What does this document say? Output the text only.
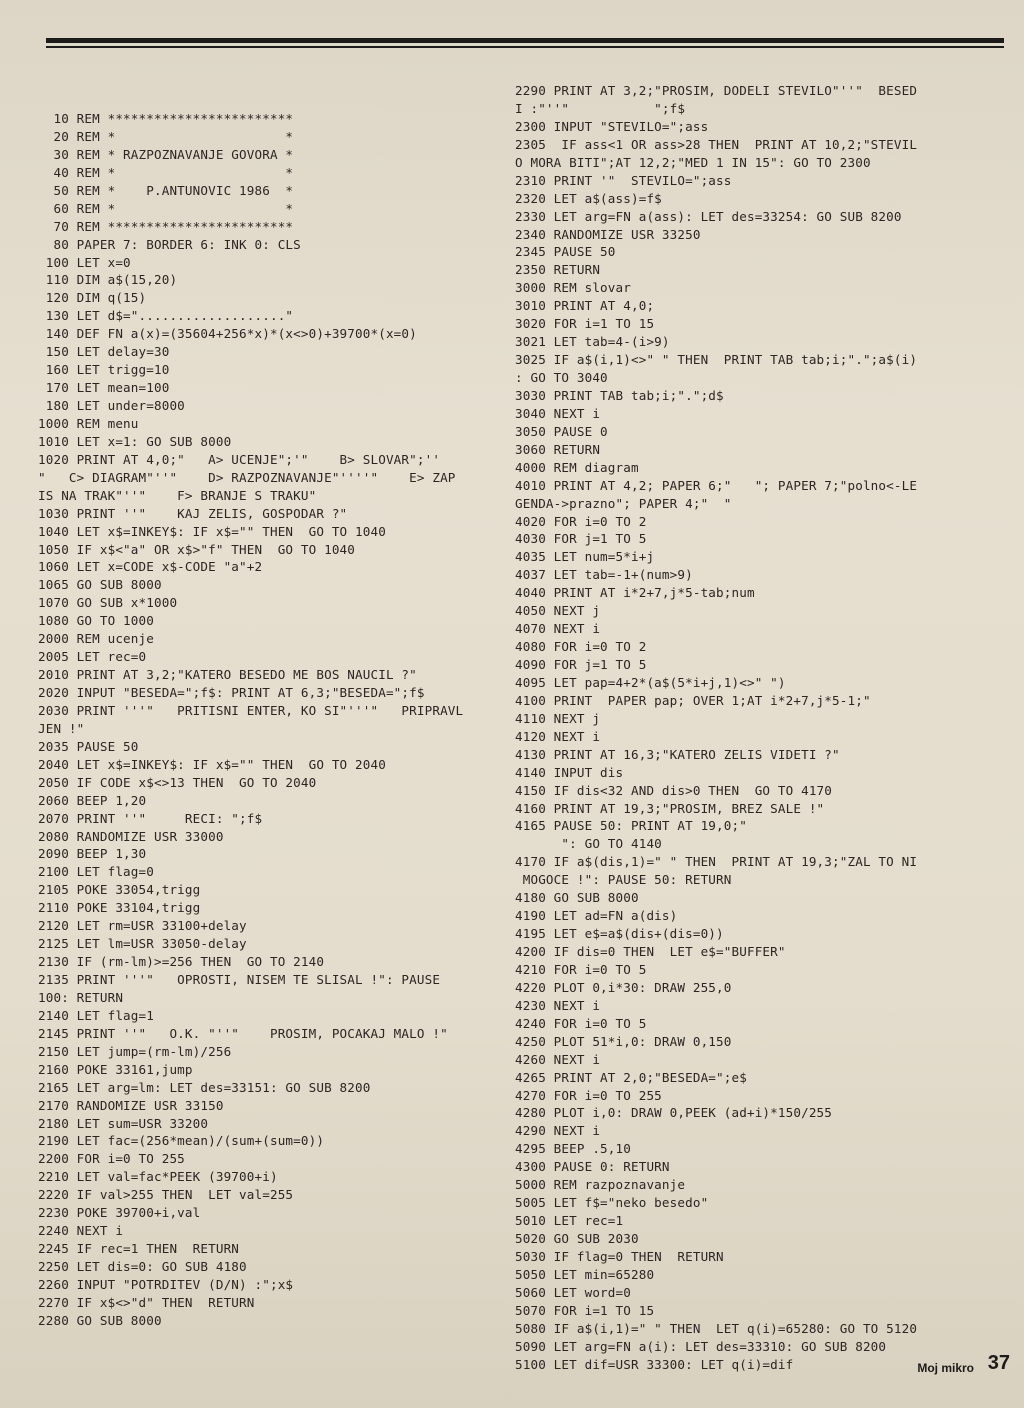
10 REM ************************
20 REM *                      *
30 REM * RAZPOZNAVANJE GOVORA *
40 REM *                      *
50 REM *    P.ANTUNOVIC 1986  *
60 REM *                      *
70 REM ************************
80 PAPER 7: BORDER 6: INK 0: CLS
100 LET x=0
110 DIM a$(15,20)
120 DIM q(15)
130 LET d$="..................."
140 DEF FN a(x)=(35604+256*x)*(x<>0)+39700*(x=0)
150 LET delay=30
160 LET trigg=10
170 LET mean=100
180 LET under=8000
1000 REM menu
1010 LET x=1: GO SUB 8000
1020 PRINT AT 4,0;"   A> UCENJE";'"    B> SLOVAR";''
"   C> DIAGRAM"''"    D> RAZPOZNAVANJE"''''"    E> ZAP
IS NA TRAK"''"    F> BRANJE S TRAKU"
1030 PRINT ''"    KAJ ZELIS, GOSPODAR ?"
1040 LET x$=INKEY$: IF x$="" THEN  GO TO 1040
1050 IF x$<"a" OR x$>"f" THEN  GO TO 1040
1060 LET x=CODE x$-CODE "a"+2
1065 GO SUB 8000
1070 GO SUB x*1000
1080 GO TO 1000
2000 REM ucenje
2005 LET rec=0
2010 PRINT AT 3,2;"KATERO BESEDO ME BOS NAUCIL ?"
2020 INPUT "BESEDA=";f$: PRINT AT 6,3;"BESEDA=";f$
2030 PRINT '''"   PRITISNI ENTER, KO SI"'''"   PRIPRAVL
JEN !"
2035 PAUSE 50
2040 LET x$=INKEY$: IF x$="" THEN  GO TO 2040
2050 IF CODE x$<>13 THEN  GO TO 2040
2060 BEEP 1,20
2070 PRINT ''"     RECI: ";f$
2080 RANDOMIZE USR 33000
2090 BEEP 1,30
2100 LET flag=0
2105 POKE 33054,trigg
2110 POKE 33104,trigg
2120 LET rm=USR 33100+delay
2125 LET lm=USR 33050-delay
2130 IF (rm-lm)>=256 THEN  GO TO 2140
2135 PRINT '''"   OPROSTI, NISEM TE SLISAL !": PAUSE
100: RETURN
2140 LET flag=1
2145 PRINT ''"   O.K. "''"    PROSIM, POCAKAJ MALO !"
2150 LET jump=(rm-lm)/256
2160 POKE 33161,jump
2165 LET arg=lm: LET des=33151: GO SUB 8200
2170 RANDOMIZE USR 33150
2180 LET sum=USR 33200
2190 LET fac=(256*mean)/(sum+(sum=0))
2200 FOR i=0 TO 255
2210 LET val=fac*PEEK (39700+i)
2220 IF val>255 THEN  LET val=255
2230 POKE 39700+i,val
2240 NEXT i
2245 IF rec=1 THEN  RETURN
2250 LET dis=0: GO SUB 4180
2260 INPUT "POTRDITEV (D/N) :";x$
2270 IF x$<>"d" THEN  RETURN
2280 GO SUB 8000
2290 PRINT AT 3,2;"PROSIM, DODELI STEVILO"''"  BESED
I :"''"           ";f$
2300 INPUT "STEVILO=";ass
2305  IF ass<1 OR ass>28 THEN  PRINT AT 10,2;"STEVIL
O MORA BITI";AT 12,2;"MED 1 IN 15": GO TO 2300
2310 PRINT '"  STEVILO=";ass
2320 LET a$(ass)=f$
2330 LET arg=FN a(ass): LET des=33254: GO SUB 8200
2340 RANDOMIZE USR 33250
2345 PAUSE 50
2350 RETURN
3000 REM slovar
3010 PRINT AT 4,0;
3020 FOR i=1 TO 15
3021 LET tab=4-(i>9)
3025 IF a$(i,1)<>" " THEN  PRINT TAB tab;i;".";a$(i)
: GO TO 3040
3030 PRINT TAB tab;i;".";d$
3040 NEXT i
3050 PAUSE 0
3060 RETURN
4000 REM diagram
4010 PRINT AT 4,2; PAPER 6;"   "; PAPER 7;"polno<-LE
GENDA->prazno"; PAPER 4;"  "
4020 FOR i=0 TO 2
4030 FOR j=1 TO 5
4035 LET num=5*i+j
4037 LET tab=-1+(num>9)
4040 PRINT AT i*2+7,j*5-tab;num
4050 NEXT j
4070 NEXT i
4080 FOR i=0 TO 2
4090 FOR j=1 TO 5
4095 LET pap=4+2*(a$(5*i+j,1)<>" ")
4100 PRINT  PAPER pap; OVER 1;AT i*2+7,j*5-1;"
4110 NEXT j
4120 NEXT i
4130 PRINT AT 16,3;"KATERO ZELIS VIDETI ?"
4140 INPUT dis
4150 IF dis<32 AND dis>0 THEN  GO TO 4170
4160 PRINT AT 19,3;"PROSIM, BREZ SALE !"
4165 PAUSE 50: PRINT AT 19,0;"
": GO TO 4140
4170 IF a$(dis,1)=" " THEN  PRINT AT 19,3;"ZAL TO NI
MOGOCE !": PAUSE 50: RETURN
4180 GO SUB 8000
4190 LET ad=FN a(dis)
4195 LET e$=a$(dis+(dis=0))
4200 IF dis=0 THEN  LET e$="BUFFER"
4210 FOR i=0 TO 5
4220 PLOT 0,i*30: DRAW 255,0
4230 NEXT i
4240 FOR i=0 TO 5
4250 PLOT 51*i,0: DRAW 0,150
4260 NEXT i
4265 PRINT AT 2,0;"BESEDA=";e$
4270 FOR i=0 TO 255
4280 PLOT i,0: DRAW 0,PEEK (ad+i)*150/255
4290 NEXT i
4295 BEEP .5,10
4300 PAUSE 0: RETURN
5000 REM razpoznavanje
5005 LET f$="neko besedo"
5010 LET rec=1
5020 GO SUB 2030
5030 IF flag=0 THEN  RETURN
5050 LET min=65280
5060 LET word=0
5070 FOR i=1 TO 15
5080 IF a$(i,1)=" " THEN  LET q(i)=65280: GO TO 5120
5090 LET arg=FN a(i): LET des=33310: GO SUB 8200
5100 LET dif=USR 33300: LET q(i)=dif	Moj mikro 37
